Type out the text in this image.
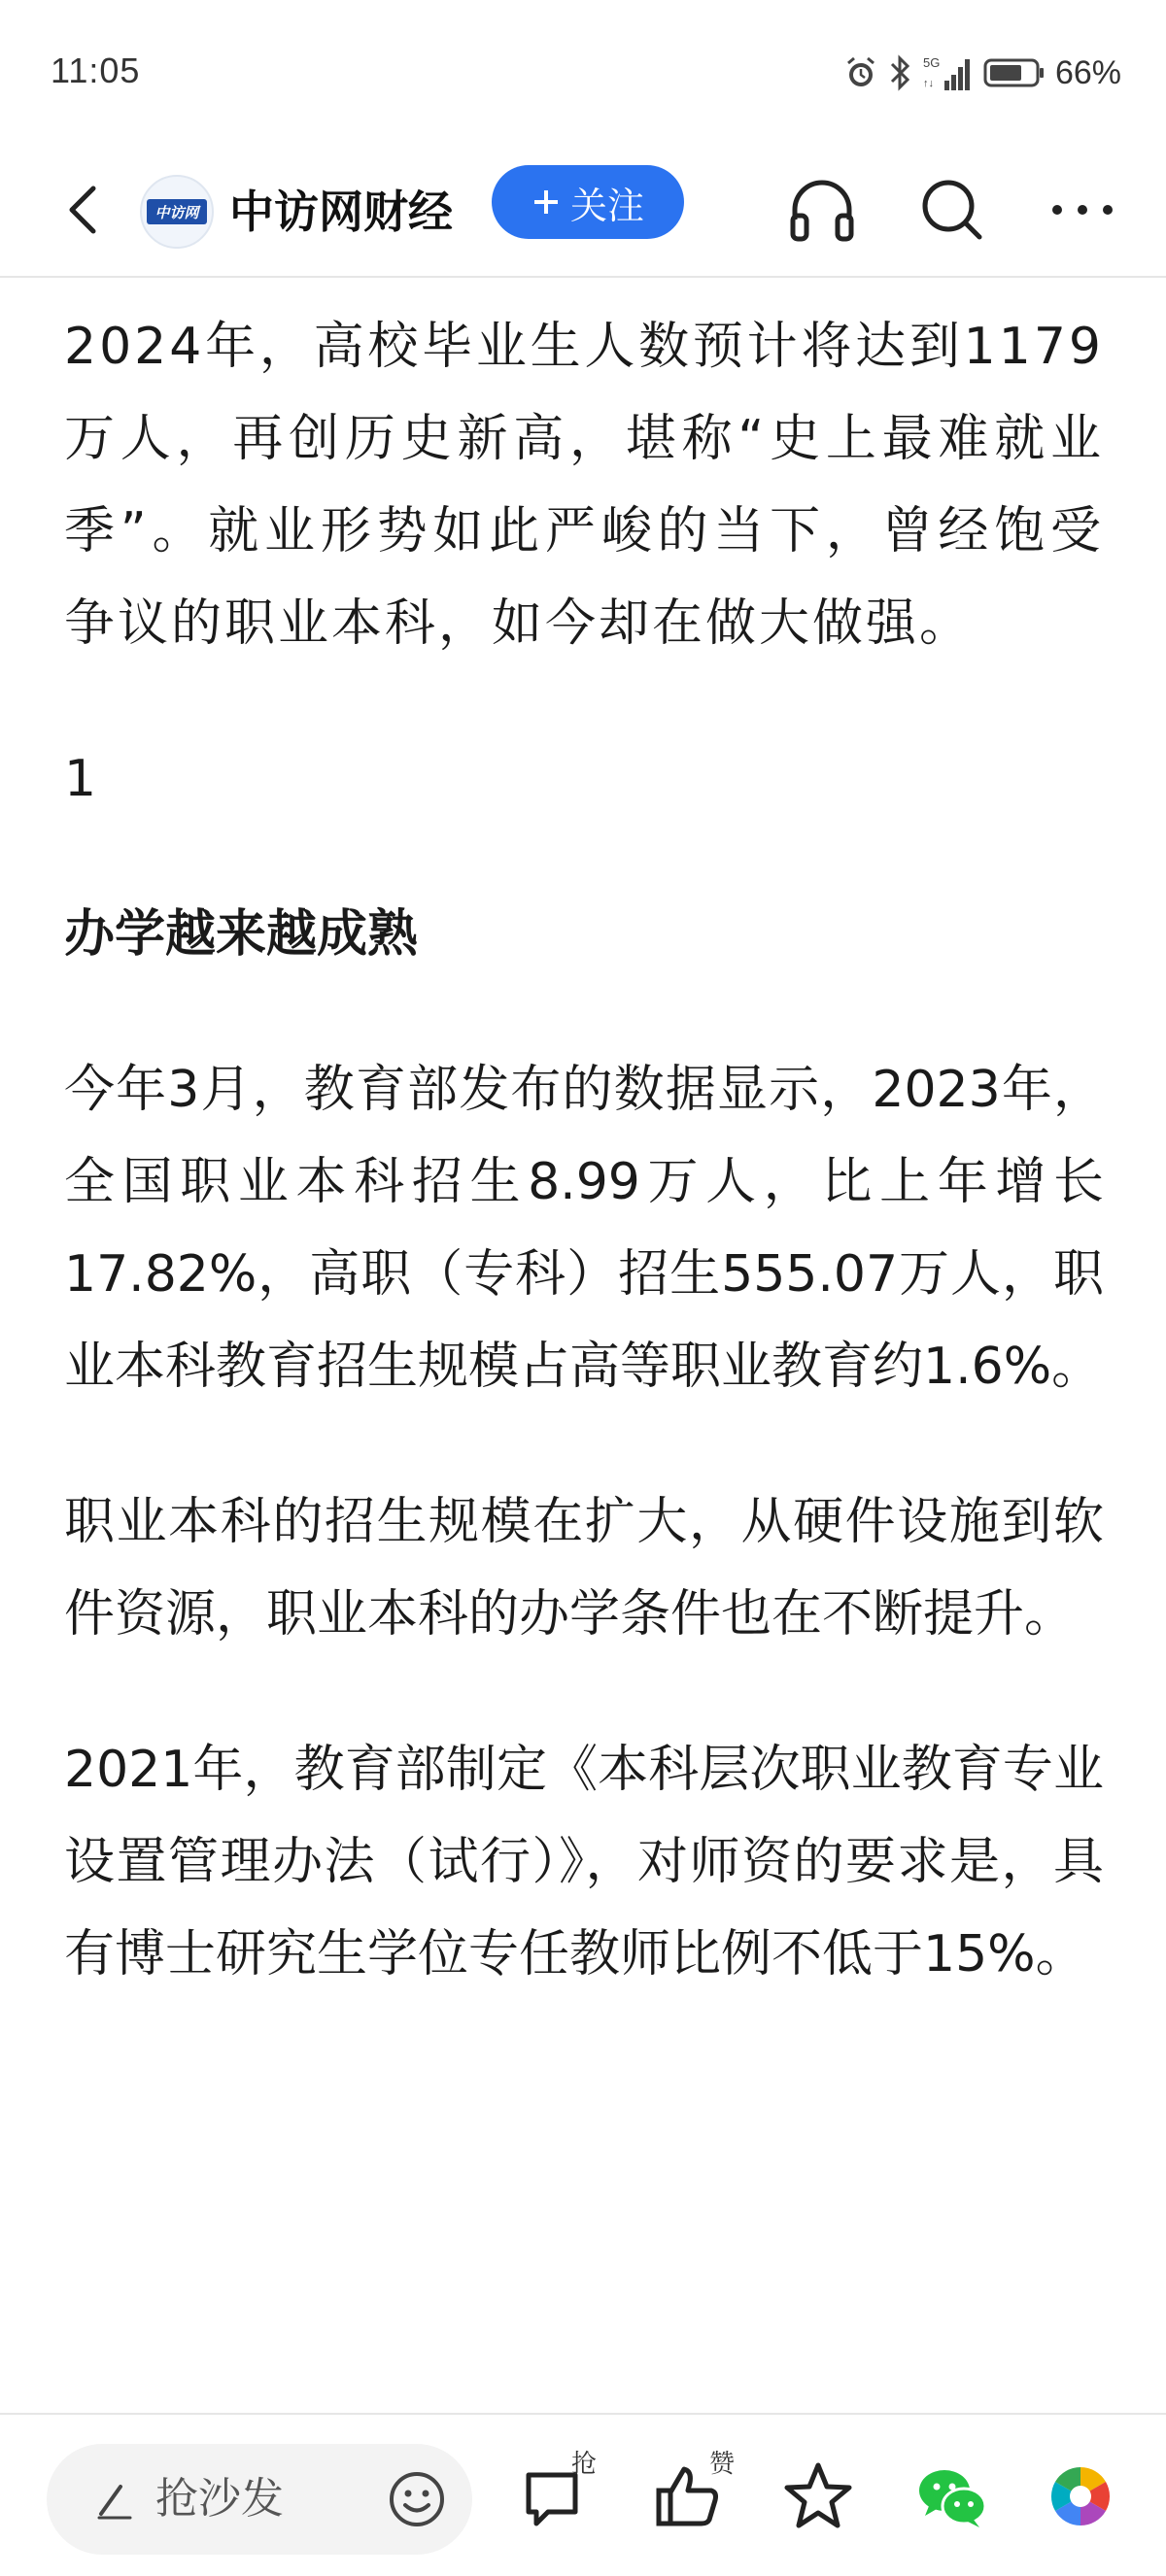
11:05	5G
↑↓	66%
中访网 中访网财经	关注

2024年，高校毕业生人数预计将达到1179万人，再创历史新高，堪称“史上最难就业季”。就业形势如此严峻的当下，曾经饱受争议的职业本科，如今却在做大做强。

1
办学越来越成熟

今年3月，教育部发布的数据显示，2023年，全国职业本科招生8.99万人，比上年增长17.82%，高职（专科）招生555.07万人，职业本科教育招生规模占高等职业教育约1.6%。

职业本科的招生规模在扩大，从硬件设施到软件资源，职业本科的办学条件也在不断提升。

2021年，教育部制定《本科层次职业教育专业设置管理办法（试行）》，对师资的要求是，具有博士研究生学位专任教师比例不低于15%。

抢沙发
抢	赞
